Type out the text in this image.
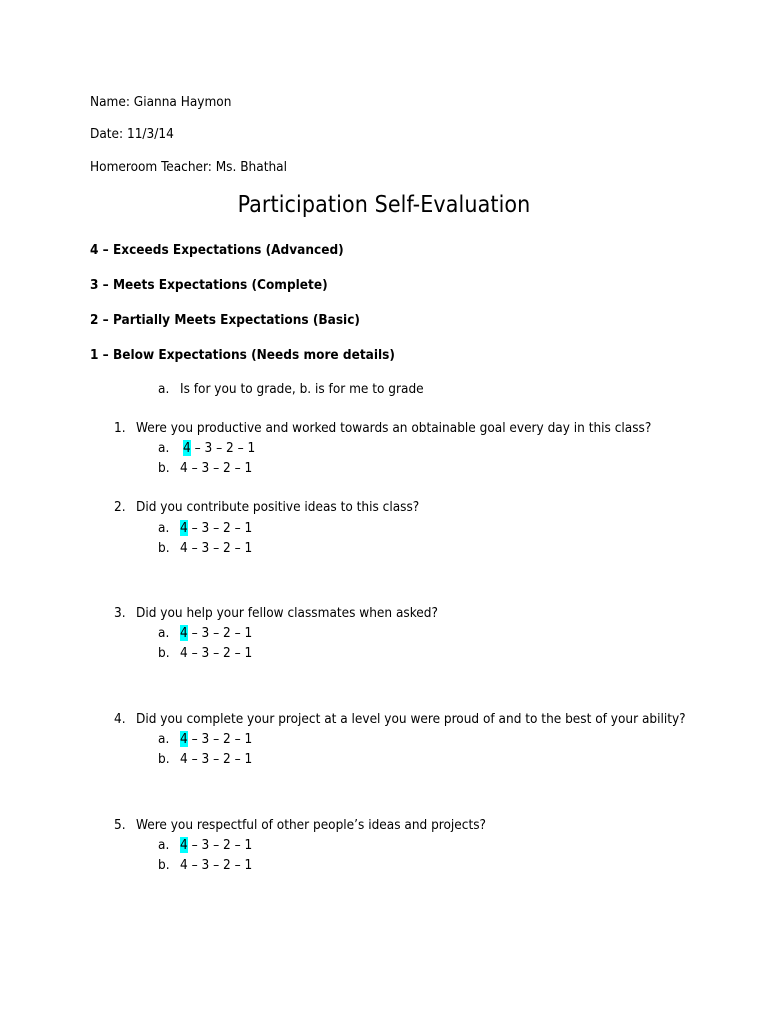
Name: Gianna Haymon
Date: 11/3/14
Homeroom Teacher: Ms. Bhathal
Participation Self-Evaluation
4 – Exceeds Expectations (Advanced)
3 – Meets Expectations (Complete)
2 – Partially Meets Expectations (Basic)
1 – Below Expectations (Needs more details)
a. Is for you to grade, b. is for me to grade
1. Were you productive and worked towards an obtainable goal every day in this class?
a. 4 – 3 – 2 – 1
b. 4 – 3 – 2 – 1
2. Did you contribute positive ideas to this class?
a. 4 – 3 – 2 – 1
b. 4 – 3 – 2 – 1
3. Did you help your fellow classmates when asked?
a. 4 – 3 – 2 – 1
b. 4 – 3 – 2 – 1
4. Did you complete your project at a level you were proud of and to the best of your ability?
a. 4 – 3 – 2 – 1
b. 4 – 3 – 2 – 1
5. Were you respectful of other people’s ideas and projects?
a. 4 – 3 – 2 – 1
b. 4 – 3 – 2 – 1
